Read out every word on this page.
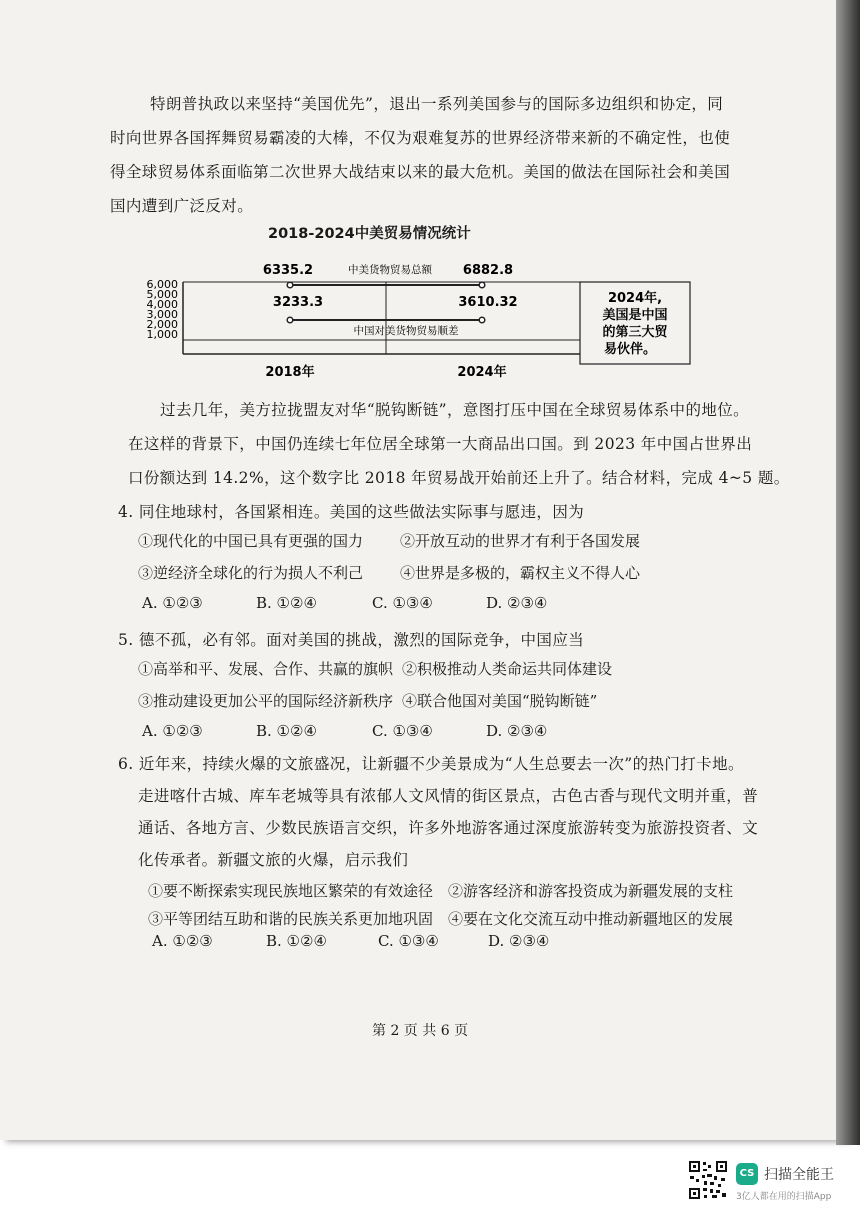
特朗普执政以来坚持“美国优先”，退出一系列美国参与的国际多边组织和协定，同
时向世界各国挥舞贸易霸凌的大棒，不仅为艰难复苏的世界经济带来新的不确定性，也使
得全球贸易体系面临第二次世界大战结束以来的最大危机。美国的做法在国际社会和美国
国内遭到广泛反对。
2018-2024中美贸易情况统计
6,000
5,000
4,000
3,000
2,000
1,000
6335.2	6882.8
中美货物贸易总额
3233.3	3610.32
中国对美货物贸易顺差
2024年,
美国是中国
的第三大贸
易伙伴。
2018年	2024年
过去几年，美方拉拢盟友对华“脱钩断链”，意图打压中国在全球贸易体系中的地位。
在这样的背景下，中国仍连续七年位居全球第一大商品出口国。到 2023 年中国占世界出
口份额达到 14.2%，这个数字比 2018 年贸易战开始前还上升了。结合材料，完成 4~5 题。
4. 同住地球村，各国紧相连。美国的这些做法实际事与愿违，因为
①现代化的中国已具有更强的国力 ②开放互动的世界才有利于各国发展
③逆经济全球化的行为损人不利己 ④世界是多极的，霸权主义不得人心
A. ①②③	B. ①②④	C. ①③④	D. ②③④
5. 德不孤，必有邻。面对美国的挑战，激烈的国际竞争，中国应当
①高举和平、发展、合作、共赢的旗帜 ②积极推动人类命运共同体建设
③推动建设更加公平的国际经济新秩序 ④联合他国对美国“脱钩断链”
A. ①②③	B. ①②④	C. ①③④	D. ②③④
6. 近年来，持续火爆的文旅盛况，让新疆不少美景成为“人生总要去一次”的热门打卡地。
走进喀什古城、库车老城等具有浓郁人文风情的街区景点，古色古香与现代文明并重，普
通话、各地方言、少数民族语言交织，许多外地游客通过深度旅游转变为旅游投资者、文
化传承者。新疆文旅的火爆，启示我们
①要不断探索实现民族地区繁荣的有效途径 ②游客经济和游客投资成为新疆发展的支柱
③平等团结互助和谐的民族关系更加地巩固 ④要在文化交流互动中推动新疆地区的发展
A. ①②③	B. ①②④	C. ①③④	D. ②③④
第 2 页 共 6 页
CS 扫描全能王
3亿人都在用的扫描App
